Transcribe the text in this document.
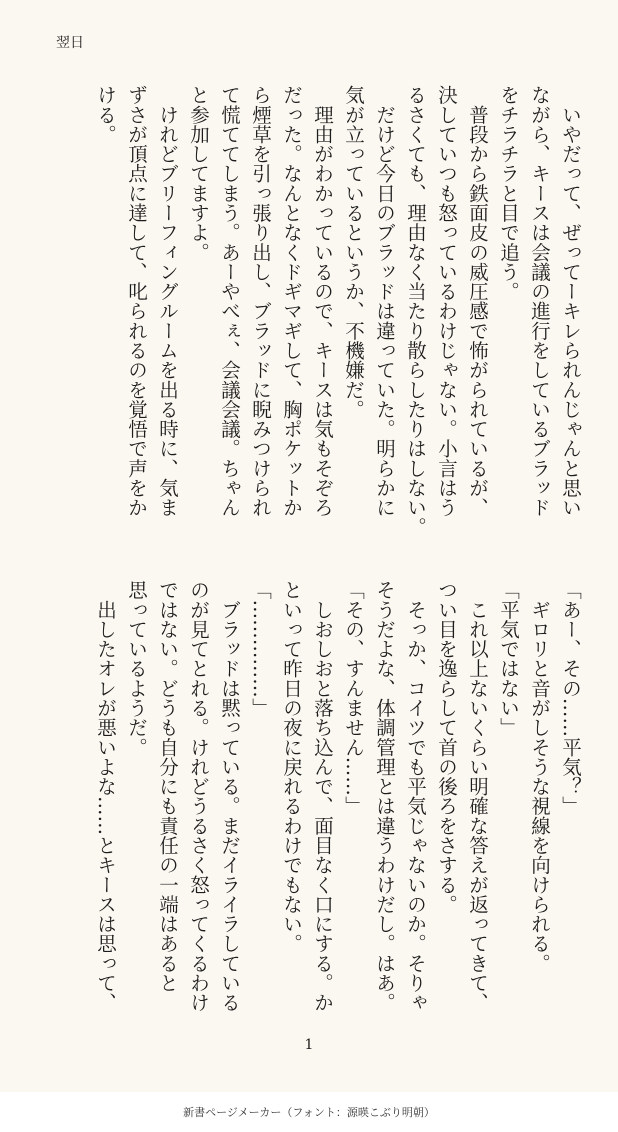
翌日
　いやだって、ぜってーキレられんじゃんと思い
ながら、キースは会議の進行をしているブラッド
をチラチラと目で追う。
　普段から鉄面皮の威圧感で怖がられているが、
決していつも怒っているわけじゃない。小言はう
るさくても、理由なく当たり散らしたりはしない。
　だけど今日のブラッドは違っていた。明らかに
気が立っているというか、不機嫌だ。
　理由がわかっているので、キースは気もそぞろ
だった。なんとなくドギマギして、胸ポケットか
ら煙草を引っ張り出し、ブラッドに睨みつけられ
て慌ててしまう。あーやべぇ、会議会議。ちゃん
と参加してますよ。
　けれどブリーフィングルームを出る時に、気ま
ずさが頂点に達して、叱られるのを覚悟で声をか
ける。
「あー、その……平気？」
　ギロリと音がしそうな視線を向けられる。
「平気ではない」
　これ以上ないくらい明確な答えが返ってきて、
つい目を逸らして首の後ろをさする。
　そっか、コイツでも平気じゃないのか。そりゃ
そうだよな、体調管理とは違うわけだし。はあ。
「その、すんません……」
　しおしおと落ち込んで、面目なく口にする。か
といって昨日の夜に戻れるわけでもない。
「……………」
　ブラッドは黙っている。まだイライラしている
のが見てとれる。けれどうるさく怒ってくるわけ
ではない。どうも自分にも責任の一端はあると
思っているようだ。
　出したオレが悪いよな……とキースは思って、
1
新書ページメーカー（フォント：源暎こぶり明朝）
